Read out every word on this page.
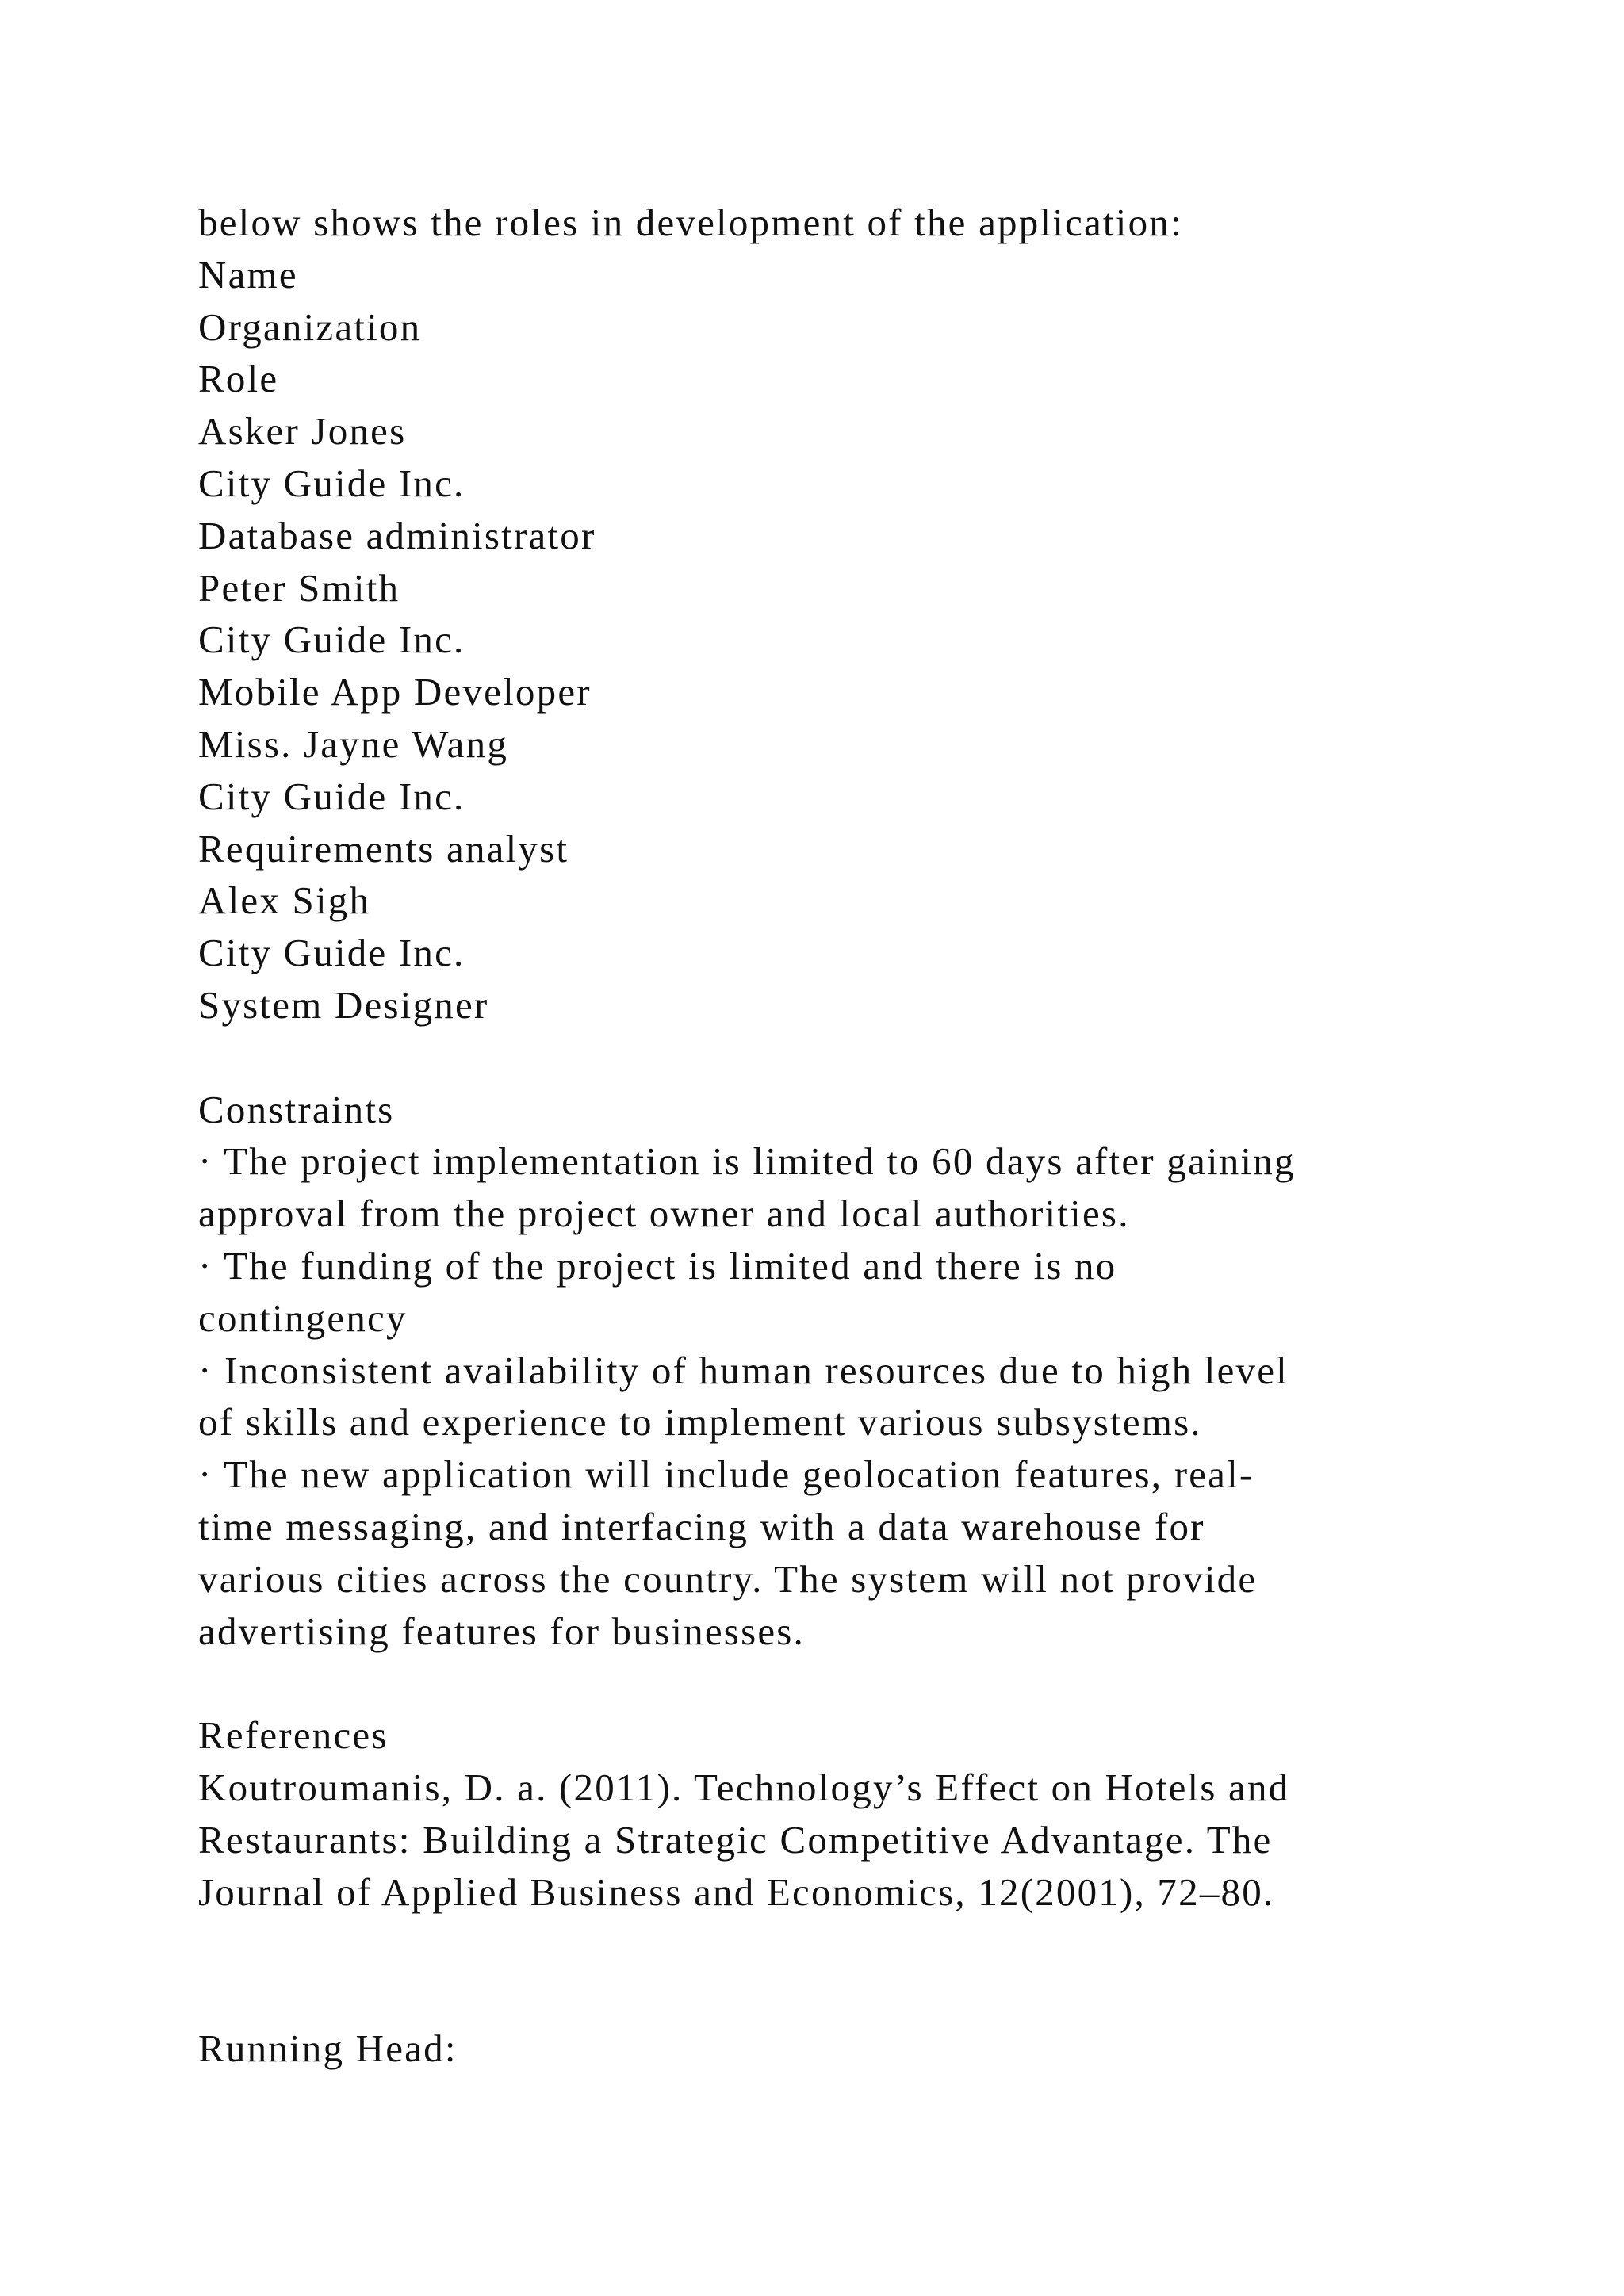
below shows the roles in development of the application:
Name
Organization
Role
Asker Jones
City Guide Inc.
Database administrator
Peter Smith
City Guide Inc.
Mobile App Developer
Miss. Jayne Wang
City Guide Inc.
Requirements analyst
Alex Sigh
City Guide Inc.
System Designer
Constraints
· The project implementation is limited to 60 days after gaining
approval from the project owner and local authorities.
· The funding of the project is limited and there is no
contingency
· Inconsistent availability of human resources due to high level
of skills and experience to implement various subsystems.
· The new application will include geolocation features, real-
time messaging, and interfacing with a data warehouse for
various cities across the country. The system will not provide
advertising features for businesses.
References
Koutroumanis, D. a. (2011). Technology’s Effect on Hotels and
Restaurants: Building a Strategic Competitive Advantage. The
Journal of Applied Business and Economics, 12(2001), 72–80.
Running Head:
